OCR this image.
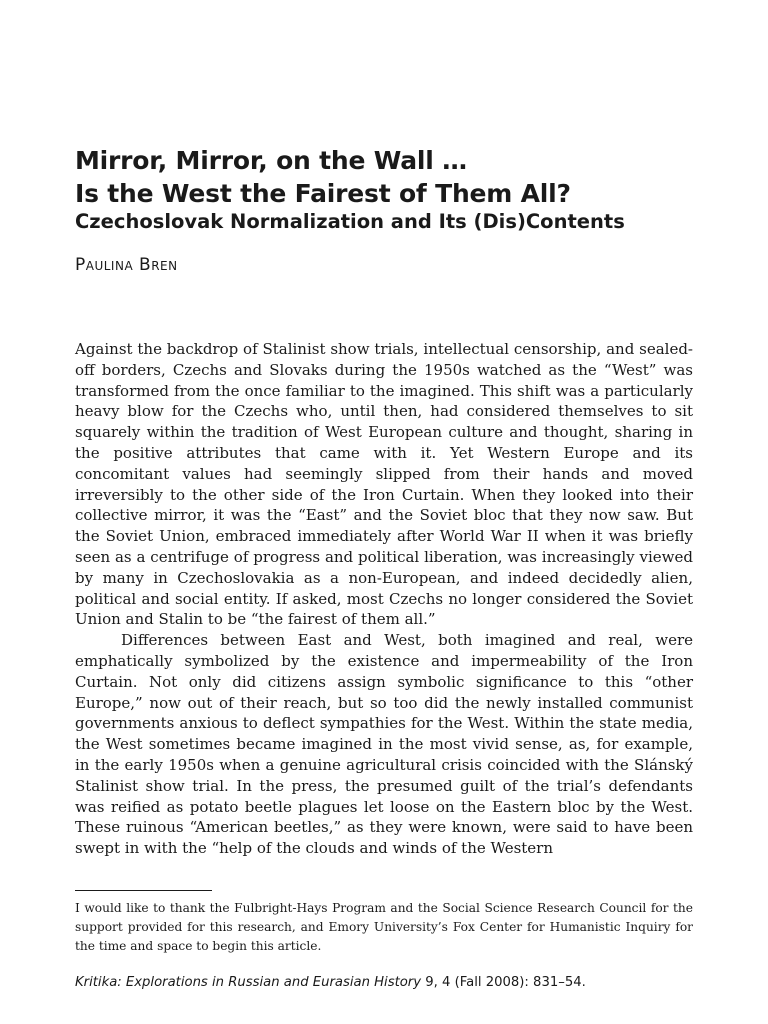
Mirror, Mirror, on the Wall …
Is the West the Fairest of Them All?
Czechoslovak Normalization and Its (Dis)Contents
Paulina Bren

Against the backdrop of Stalinist show trials, intellectual censorship, and sealed-off borders, Czechs and Slovaks during the 1950s watched as the “West” was transformed from the once familiar to the imagined. This shift was a particularly heavy blow for the Czechs who, until then, had considered themselves to sit squarely within the tradition of West European culture and thought, sharing in the positive attributes that came with it. Yet Western Europe and its concomitant values had seemingly slipped from their hands and moved irreversibly to the other side of the Iron Curtain. When they looked into their collective mirror, it was the “East” and the Soviet bloc that they now saw. But the Soviet Union, embraced immediately after World War II when it was briefly seen as a centrifuge of progress and political liberation, was increasingly viewed by many in Czechoslovakia as a non-European, and indeed decidedly alien, political and social entity. If asked, most Czechs no longer considered the Soviet Union and Stalin to be “the fairest of them all.”

Differences between East and West, both imagined and real, were emphatically symbolized by the existence and impermeability of the Iron Curtain. Not only did citizens assign symbolic significance to this “other Europe,” now out of their reach, but so too did the newly installed communist governments anxious to deflect sympathies for the West. Within the state media, the West sometimes became imagined in the most vivid sense, as, for example, in the early 1950s when a genuine agricultural crisis coincided with the Slánský Stalinist show trial. In the press, the presumed guilt of the trial’s defendants was reified as potato beetle plagues let loose on the Eastern bloc by the West. These ruinous “American beetles,” as they were known, were said to have been swept in with the “help of the clouds and winds of the Western

I would like to thank the Fulbright-Hays Program and the Social Science Research Council for the support provided for this research, and Emory University’s Fox Center for Humanistic Inquiry for the time and space to begin this article.
Kritika: Explorations in Russian and Eurasian History 9, 4 (Fall 2008): 831–54.
